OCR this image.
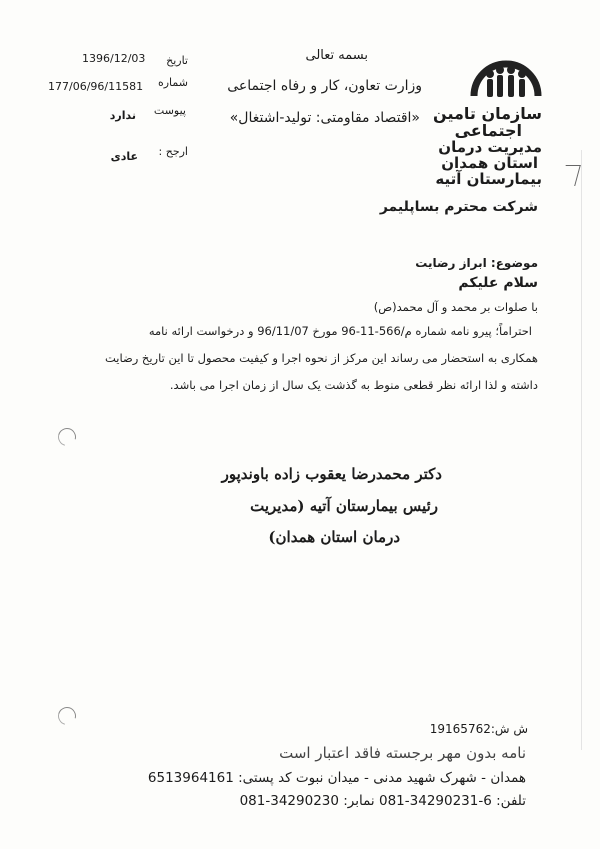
سازمان تامین
اجتماعی
مدیریت درمان
استان همدان
بیمارستان آتیه
بسمه تعالی
وزارت تعاون، کار و رفاه اجتماعی
«اقتصاد مقاومتی: تولید-اشتغال»
تاریخ
1396/12/03
شماره
177/06/96/11581
پیوست
ندارد
ارجح :
عادی
شرکت محترم بساپلیمر
موضوع: ابراز رضایت
سلام علیکم
با صلوات بر محمد و آل محمد(ص)
احتراماً؛ پیرو نامه شماره م/566-11-96 مورخ 96/11/07 و درخواست ارائه نامه
همکاری به استحضار می رساند این مرکز از نحوه اجرا و کیفیت محصول تا این تاریخ رضایت
داشته و لذا ارائه نظر قطعی منوط به گذشت یک سال از زمان اجرا می باشد.
دکتر محمدرضا یعقوب زاده باوندپور
رئیس بیمارستان آتیه (مدیریت
درمان استان همدان)
ش ش:19165762
نامه بدون مهر برجسته فاقد اعتبار است
همدان - شهرک شهید مدنی - میدان نبوت کد پستی: 6513964161
تلفن: 6-34290231-081 نمابر: 34290230-081
